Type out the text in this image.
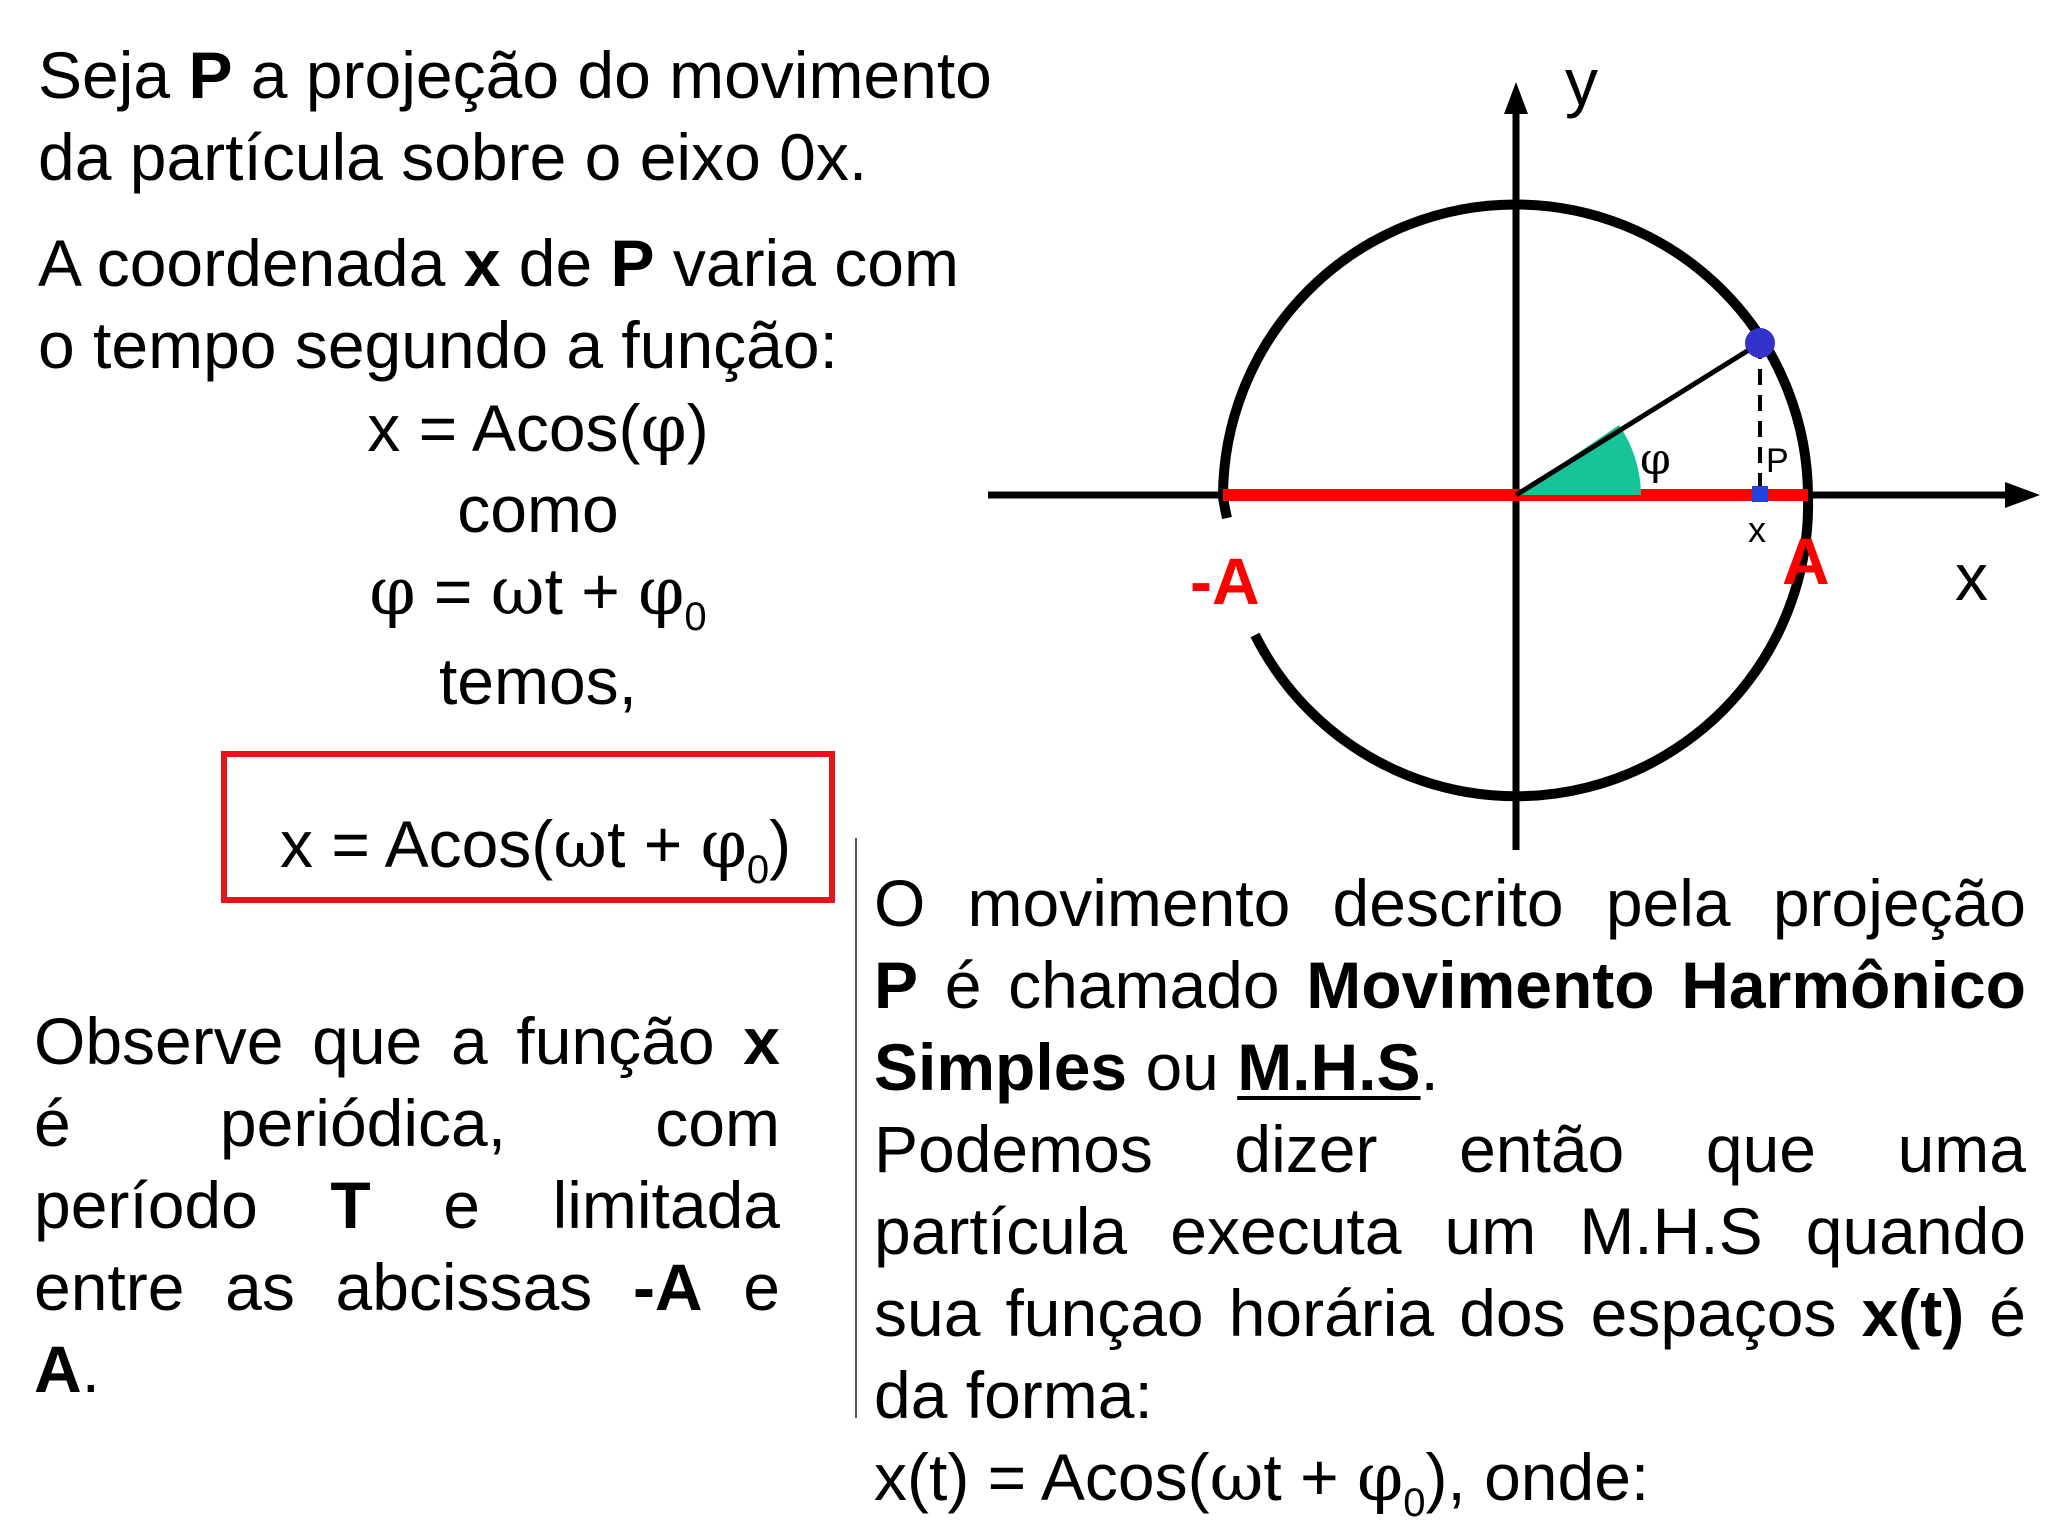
Seja P a projeção do movimento

da partícula sobre o eixo 0x.

A coordenada x de P varia com

o tempo segundo a função:

x = Acos(φ)

como

$\varphi = \omega t + \varphi_0$

temos,

$x = Acos(\omega t + \varphi_0)$

Observe que a função x

é periódica, com

período T e limitada

entre as abcissas -A e

A.

O movimento descrito pela projeção

P é chamado Movimento Harmônico

Simples ou M.H.S.

Podemos dizer então que uma

partícula executa um M.H.S quando

sua funçao horária dos espaços x(t) é

da forma:

$x(t) = Acos(\omega t + \varphi_0)$, onde:

y
x
φ	P
x A
-A
